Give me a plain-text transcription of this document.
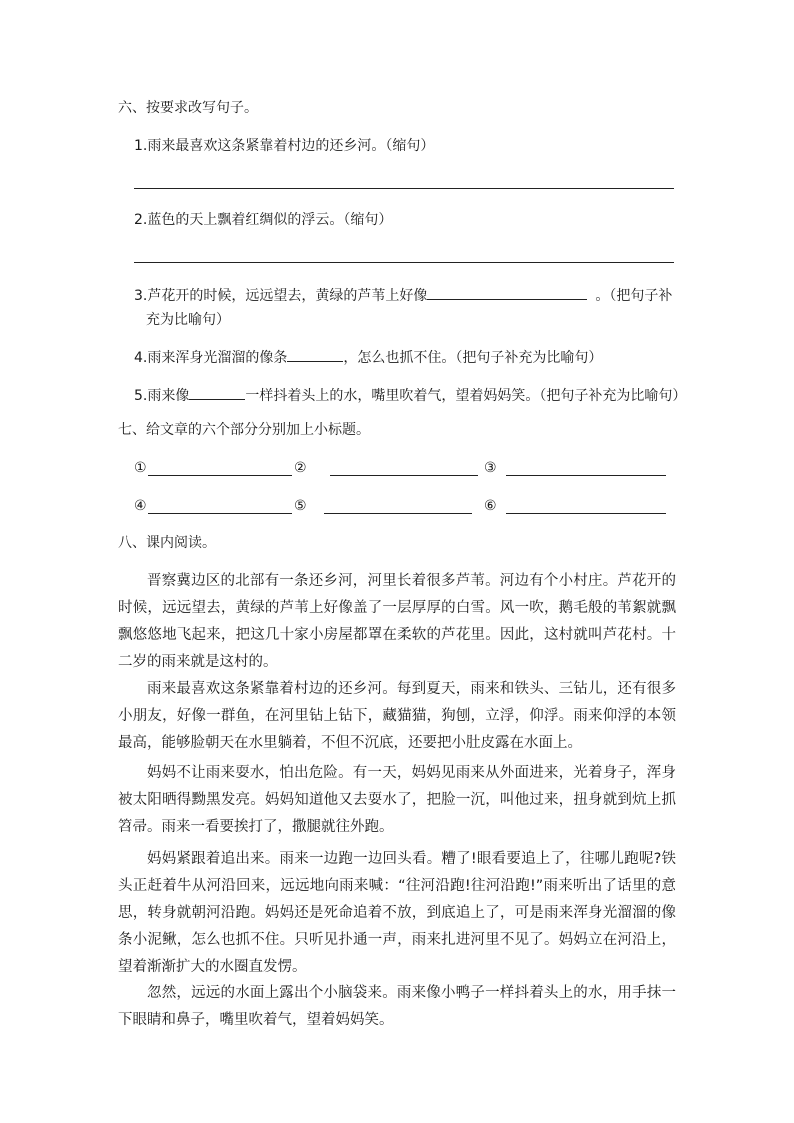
六、按要求改写句子。
1.雨来最喜欢这条紧靠着村边的还乡河。（缩句）
2.蓝色的天上飘着红绸似的浮云。（缩句）
3.芦花开的时候，远远望去，黄绿的芦苇上好像	。（把句子补
充为比喻句）
4.雨来浑身光溜溜的像条	，怎么也抓不住。（把句子补充为比喻句）
5.雨来像	一样抖着头上的水，嘴里吹着气，望着妈妈笑。（把句子补充为比喻句）
七、给文章的六个部分分别加上小标题。
①	②	③
④	⑤	⑥
八、课内阅读。
晋察冀边区的北部有一条还乡河，河里长着很多芦苇。河边有个小村庄。芦花开的时候，远远望去，黄绿的芦苇上好像盖了一层厚厚的白雪。风一吹，鹅毛般的苇絮就飘飘悠悠地飞起来，把这几十家小房屋都罩在柔软的芦花里。因此，这村就叫芦花村。十二岁的雨来就是这村的。
雨来最喜欢这条紧靠着村边的还乡河。每到夏天，雨来和铁头、三钻儿，还有很多小朋友，好像一群鱼，在河里钻上钻下，藏猫猫，狗刨，立浮，仰浮。雨来仰浮的本领最高，能够脸朝天在水里躺着，不但不沉底，还要把小肚皮露在水面上。
妈妈不让雨来耍水，怕出危险。有一天，妈妈见雨来从外面进来，光着身子，浑身被太阳晒得黝黑发亮。妈妈知道他又去耍水了，把脸一沉，叫他过来，扭身就到炕上抓笤帚。雨来一看要挨打了，撒腿就往外跑。
妈妈紧跟着追出来。雨来一边跑一边回头看。糟了!眼看要追上了，往哪儿跑呢?铁头正赶着牛从河沿回来，远远地向雨来喊：“往河沿跑!往河沿跑!”雨来听出了话里的意思，转身就朝河沿跑。妈妈还是死命追着不放，到底追上了，可是雨来浑身光溜溜的像条小泥鳅，怎么也抓不住。只听见扑通一声，雨来扎进河里不见了。妈妈立在河沿上，望着渐渐扩大的水圈直发愣。
忽然，远远的水面上露出个小脑袋来。雨来像小鸭子一样抖着头上的水，用手抹一下眼睛和鼻子，嘴里吹着气，望着妈妈笑。
